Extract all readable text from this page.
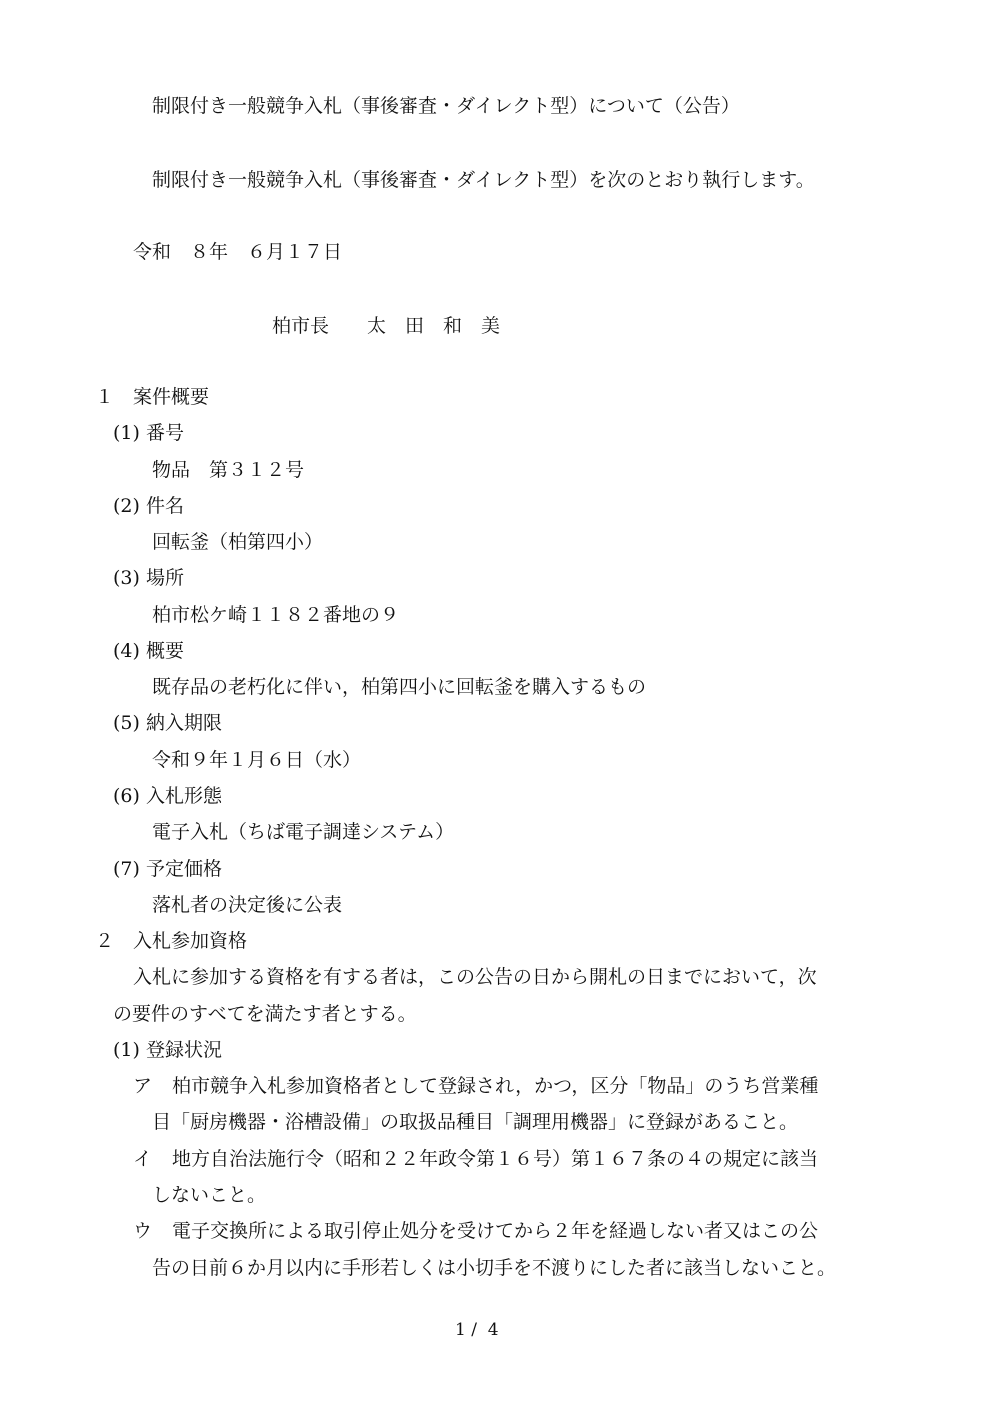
制限付き一般競争入札（事後審査・ダイレクト型）について（公告）
制限付き一般競争入札（事後審査・ダイレクト型）を次のとおり執行します。
令和　８年　６月１７日
柏市長　　太　田　和　美
１　案件概要
(1) 番号
物品　第３１２号
(2) 件名
回転釜（柏第四小）
(3) 場所
柏市松ケ崎１１８２番地の９
(4) 概要
既存品の老朽化に伴い，柏第四小に回転釜を購入するもの
(5) 納入期限
令和９年１月６日（水）
(6) 入札形態
電子入札（ちば電子調達システム）
(7) 予定価格
落札者の決定後に公表
２　入札参加資格
入札に参加する資格を有する者は，この公告の日から開札の日までにおいて，次
の要件のすべてを満たす者とする。
(1) 登録状況
ア 柏市競争入札参加資格者として登録され，かつ，区分「物品」のうち営業種
目「厨房機器・浴槽設備」の取扱品種目「調理用機器」に登録があること。
イ 地方自治法施行令（昭和２２年政令第１６号）第１６７条の４の規定に該当
しないこと。
ウ 電子交換所による取引停止処分を受けてから２年を経過しない者又はこの公
告の日前６か月以内に手形若しくは小切手を不渡りにした者に該当しないこと。
1 /  4
